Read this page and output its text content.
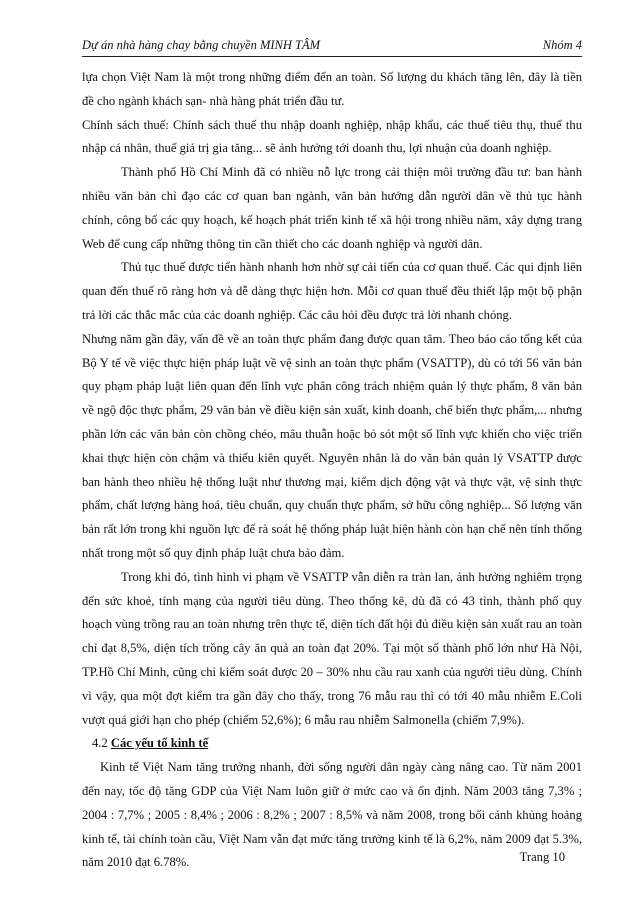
Dự án nhà hàng chay bằng chuyền MINH TÂM	Nhóm 4

lựa chọn Việt Nam là một trong những điểm đến an toàn. Số lượng du khách tăng lên, đây là tiền đề cho ngành khách sạn- nhà hàng phát triển đầu tư.

Chính sách thuế: Chính sách thuế thu nhập doanh nghiệp, nhập khẩu, các thuế tiêu thụ, thuế thu nhập cá nhân, thuế giá trị gia tăng... sẽ ảnh hưởng tới doanh thu, lợi nhuận của doanh nghiệp.

Thành phố Hồ Chí Minh đã có nhiều nỗ lực trong cải thiện môi trường đầu tư: ban hành nhiều văn bản chỉ đạo các cơ quan ban ngành, văn bản hướng dẫn người dân về thủ tục hành chính, công bố các quy hoạch, kế hoạch phát triển kinh tế xã hội trong nhiều năm, xây dựng trang Web để cung cấp những thông tin cần thiết cho các doanh nghiệp và người dân.

Thủ tục thuế được tiến hành nhanh hơn nhờ sự cải tiến của cơ quan thuế. Các qui định liên quan đến thuế rõ ràng hơn và dễ dàng thực hiện hơn. Mỗi cơ quan thuế đều thiết lập một bộ phận trả lời các thắc mắc của các doanh nghiệp. Các câu hỏi đều được trả lời nhanh chóng.

Nhưng năm gần đây, vấn đề về an toàn thực phẩm đang được quan tâm. Theo báo cáo tổng kết của Bộ Y tế về việc thực hiện pháp luật về vệ sinh an toàn thực phẩm (VSATTP), dù có tới 56 văn bản quy phạm pháp luật liên quan đến lĩnh vực phân công trách nhiệm quản lý thực phẩm, 8 văn bản về ngộ độc thực phẩm, 29 văn bản về điều kiện sản xuất, kinh doanh, chế biến thực phẩm,... nhưng phần lớn các văn bản còn chồng chéo, mâu thuẫn hoặc bỏ sót một số lĩnh vực khiến cho việc triển khai thực hiện còn chậm và thiếu kiên quyết. Nguyên nhân là do văn bản quản lý VSATTP được ban hành theo nhiều hệ thống luật như thương mại, kiểm dịch động vật và thực vật, vệ sinh thực phẩm, chất lượng hàng hoá, tiêu chuẩn, quy chuẩn thực phẩm, sở hữu công nghiệp... Số lượng văn bản rất lớn trong khi nguồn lực để rà soát hệ thống pháp luật hiện hành còn hạn chế nên tính thống nhất trong một số quy định pháp luật chưa bảo đảm.

Trong khi đó, tình hình vi phạm về VSATTP vẫn diễn ra tràn lan, ảnh hưởng nghiêm trọng đến sức khoẻ, tính mạng của người tiêu dùng. Theo thống kê, dù đã có 43 tỉnh, thành phố quy hoạch vùng trồng rau an toàn nhưng trên thực tế, diện tích đất hội đủ điều kiện sản xuất rau an toàn chỉ đạt 8,5%, diện tích trồng cây ăn quả an toàn đạt 20%. Tại một số thành phố lớn như Hà Nội, TP.Hồ Chí Minh, cũng chỉ kiểm soát được 20 – 30% nhu cầu rau xanh của người tiêu dùng. Chính vì vậy, qua một đợt kiểm tra gần đây cho thấy, trong 76 mẫu rau thì có tới 40 mẫu nhiễm E.Coli vượt quá giới hạn cho phép (chiếm 52,6%); 6 mẫu rau nhiễm Salmonella (chiếm 7,9%).

4.2 Các yếu tố kinh tế

Kinh tế Việt Nam tăng trưởng nhanh, đời sống người dân ngày càng nâng cao. Từ năm 2001 đến nay, tốc độ tăng GDP của Việt Nam luôn giữ ở mức cao và ổn định. Năm 2003 tăng 7,3% ; 2004 : 7,7% ; 2005 : 8,4% ; 2006 : 8,2% ; 2007 : 8,5% và năm 2008, trong bối cảnh khủng hoảng kinh tế, tài chính toàn cầu, Việt Nam vẫn đạt mức tăng trưởng kinh tế là 6,2%, năm 2009 đạt 5.3%, năm 2010 đạt 6.78%.	Trang 10
